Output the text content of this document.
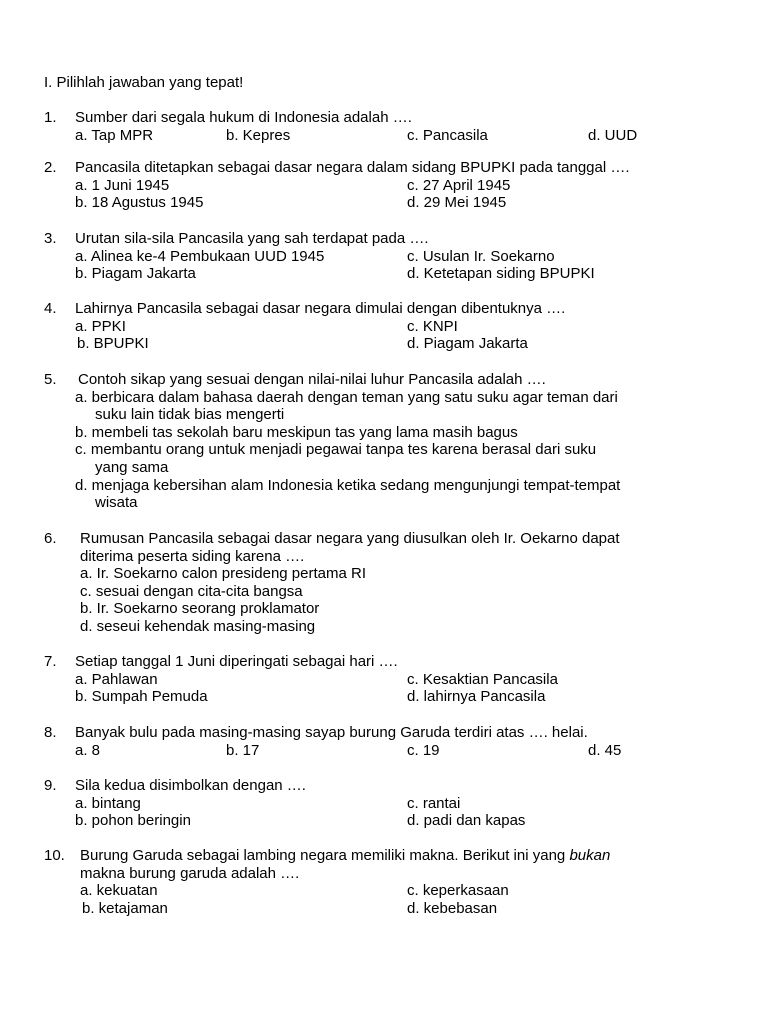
I. Pilihlah jawaban yang tepat!
1. Sumber dari segala hukum di Indonesia adalah ….
a. Tap MPR	b. Kepres	c. Pancasila	d. UUD
2. Pancasila ditetapkan sebagai dasar negara dalam sidang BPUPKI pada tanggal ….
a. 1 Juni 1945	c. 27 April 1945
b. 18 Agustus 1945	d. 29 Mei 1945
3. Urutan sila-sila Pancasila yang sah terdapat pada ….
a. Alinea ke-4 Pembukaan UUD 1945	c. Usulan Ir. Soekarno
b. Piagam Jakarta	d. Ketetapan siding BPUPKI
4. Lahirnya Pancasila sebagai dasar negara dimulai dengan dibentuknya ….
a. PPKI	c. KNPI
b. BPUPKI	d. Piagam Jakarta
5. Contoh sikap yang sesuai dengan nilai-nilai luhur Pancasila adalah ….
a. berbicara dalam bahasa daerah dengan teman yang satu suku agar teman dari
suku lain tidak bias mengerti
b. membeli tas sekolah baru meskipun tas yang lama masih bagus
c. membantu orang untuk menjadi pegawai tanpa tes karena berasal dari suku
yang sama
d. menjaga kebersihan alam Indonesia ketika sedang mengunjungi tempat-tempat
wisata
6. Rumusan Pancasila sebagai dasar negara yang diusulkan oleh Ir. Oekarno dapat
diterima peserta siding karena ….
a. Ir. Soekarno calon presideng pertama RI
c. sesuai dengan cita-cita bangsa
b. Ir. Soekarno seorang proklamator
d. seseui kehendak masing-masing
7. Setiap tanggal 1 Juni diperingati sebagai hari ….
a. Pahlawan	c. Kesaktian Pancasila
b. Sumpah Pemuda	d. lahirnya Pancasila
8. Banyak bulu pada masing-masing sayap burung Garuda terdiri atas …. helai.
a. 8	b. 17	c. 19	d. 45
9. Sila kedua disimbolkan dengan ….
a. bintang	c. rantai
b. pohon beringin	d. padi dan kapas
10. Burung Garuda sebagai lambing negara memiliki makna. Berikut ini yang bukan
makna burung garuda adalah ….
a. kekuatan	c. keperkasaan
b. ketajaman	d. kebebasan
